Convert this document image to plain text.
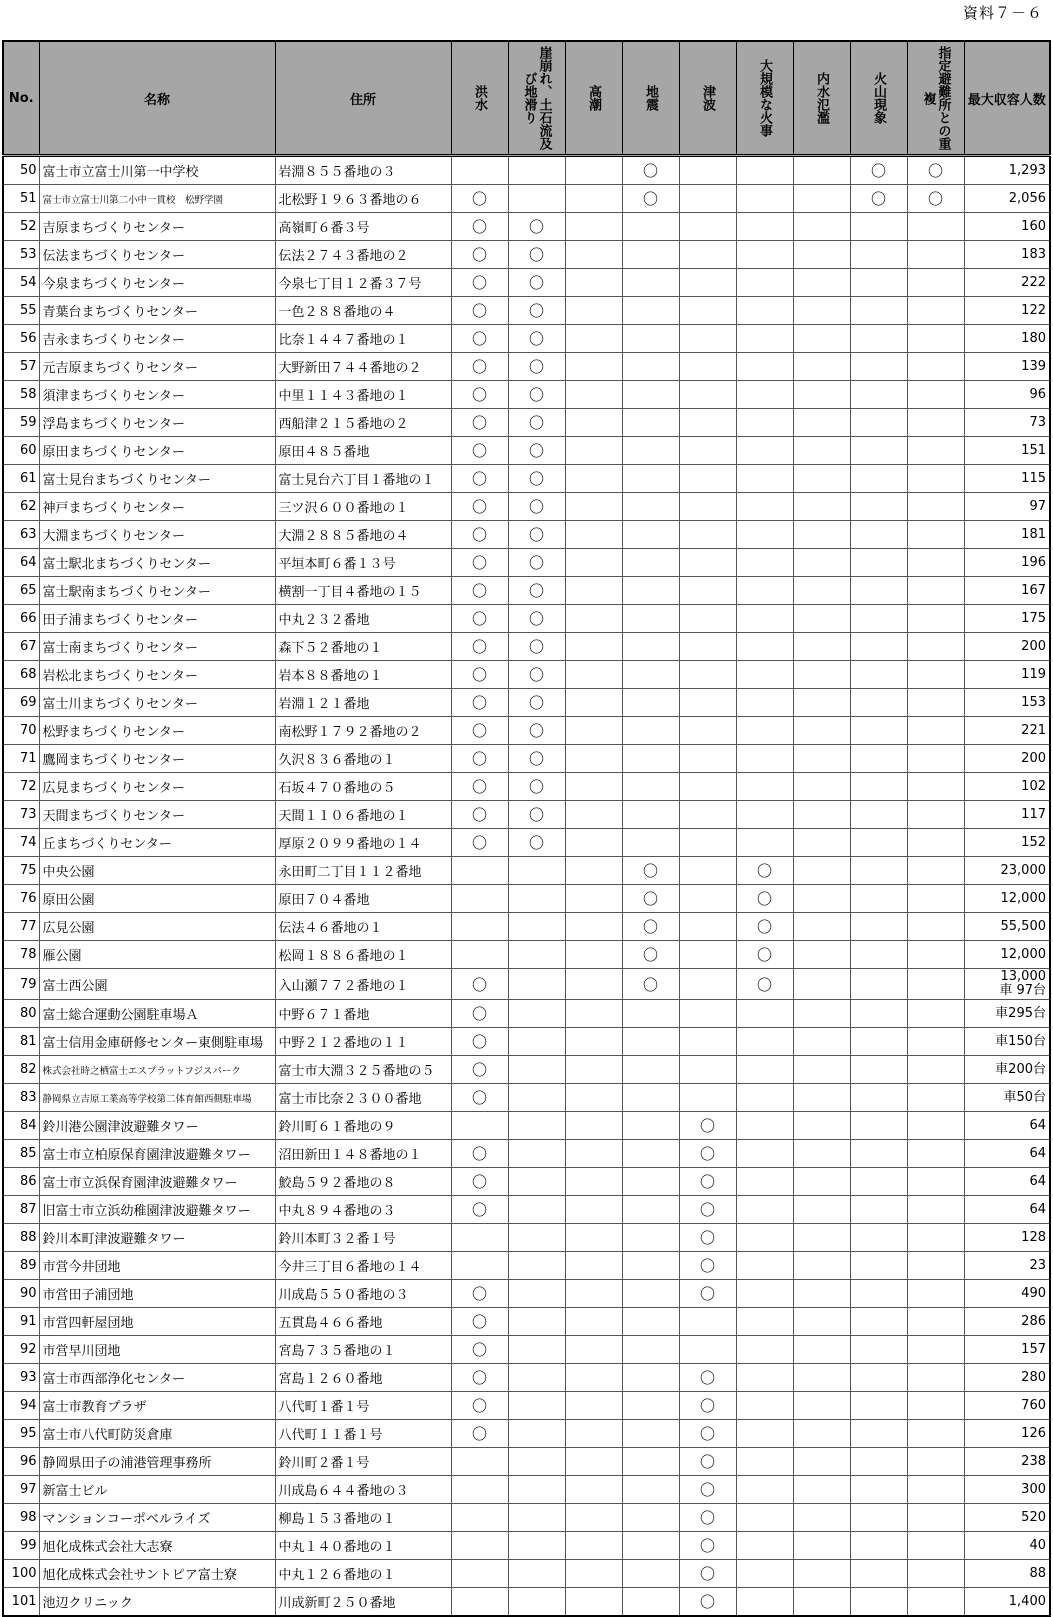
資料７－６
No.	名称	住所	洪水	崖崩れ、土石流及び地滑り	高潮	地震	津波	大規模な火事	内水氾濫	火山現象	指定避難所との重複	最大収容人数
50	富士市立富士川第一中学校	岩淵８５５番地の３				〇				〇	〇	1,293

51	富士市立富士川第二小中一貫校　松野学園	北松野１９６３番地の６	〇			〇				〇	〇	2,056

52	吉原まちづくりセンター	高嶺町６番３号	〇	〇								160

53	伝法まちづくりセンター	伝法２７４３番地の２	〇	〇								183

54	今泉まちづくりセンター	今泉七丁目１２番３７号	〇	〇								222

55	青葉台まちづくりセンター	一色２８８番地の４	〇	〇								122

56	吉永まちづくりセンター	比奈１４４７番地の１	〇	〇								180

57	元吉原まちづくりセンター	大野新田７４４番地の２	〇	〇								139

58	須津まちづくりセンター	中里１１４３番地の１	〇	〇								96

59	浮島まちづくりセンター	西船津２１５番地の２	〇	〇								73

60	原田まちづくりセンター	原田４８５番地	〇	〇								151

61	富士見台まちづくりセンター	富士見台六丁目１番地の１	〇	〇								115

62	神戸まちづくりセンター	三ツ沢６００番地の１	〇	〇								97

63	大淵まちづくりセンター	大淵２８８５番地の４	〇	〇								181

64	富士駅北まちづくりセンター	平垣本町６番１３号	〇	〇								196

65	富士駅南まちづくりセンター	横割一丁目４番地の１５	〇	〇								167

66	田子浦まちづくりセンター	中丸２３２番地	〇	〇								175

67	富士南まちづくりセンター	森下５２番地の１	〇	〇								200

68	岩松北まちづくりセンター	岩本８８番地の１	〇	〇								119

69	富士川まちづくりセンター	岩淵１２１番地	〇	〇								153

70	松野まちづくりセンター	南松野１７９２番地の２	〇	〇								221

71	鷹岡まちづくりセンター	久沢８３６番地の１	〇	〇								200

72	広見まちづくりセンター	石坂４７０番地の５	〇	〇								102

73	天間まちづくりセンター	天間１１０６番地の１	〇	〇								117

74	丘まちづくりセンター	厚原２０９９番地の１４	〇	〇								152

75	中央公園	永田町二丁目１１２番地				〇		〇				23,000

76	原田公園	原田７０４番地				〇		〇				12,000

77	広見公園	伝法４６番地の１				〇		〇				55,500

78	雁公園	松岡１８８６番地の１				〇		〇				12,000

79	富士西公園	入山瀬７７２番地の１	〇			〇		〇				13,000
車 97台

80	富士総合運動公園駐車場Ａ	中野６７１番地	〇									車295台

81	富士信用金庫研修センター東側駐車場	中野２１２番地の１１	〇									車150台

82	株式会社時之栖富士エスプラットフジスパーク	富士市大淵３２５番地の５	〇									車200台

83	静岡県立吉原工業高等学校第二体育館西側駐車場	富士市比奈２３００番地	〇									車50台

84	鈴川港公園津波避難タワー	鈴川町６１番地の９					〇					64

85	富士市立柏原保育園津波避難タワー	沼田新田１４８番地の１	〇				〇					64

86	富士市立浜保育園津波避難タワー	鮫島５９２番地の８	〇				〇					64

87	旧富士市立浜幼稚園津波避難タワー	中丸８９４番地の３	〇				〇					64

88	鈴川本町津波避難タワー	鈴川本町３２番１号					〇					128

89	市営今井団地	今井三丁目６番地の１４					〇					23

90	市営田子浦団地	川成島５５０番地の３	〇				〇					490

91	市営四軒屋団地	五貫島４６６番地	〇									286

92	市営早川団地	宮島７３５番地の１	〇									157

93	富士市西部浄化センター	宮島１２６０番地	〇				〇					280

94	富士市教育プラザ	八代町１番１号	〇				〇					760

95	富士市八代町防災倉庫	八代町１１番１号	〇				〇					126

96	静岡県田子の浦港管理事務所	鈴川町２番１号					〇					238

97	新富士ビル	川成島６４４番地の３					〇					300

98	マンションコーポベルライズ	柳島１５３番地の１					〇					520

99	旭化成株式会社大志寮	中丸１４０番地の１					〇					40

100	旭化成株式会社サントピア富士寮	中丸１２６番地の１					〇					88

101	池辺クリニック	川成新町２５０番地					〇					1,400
